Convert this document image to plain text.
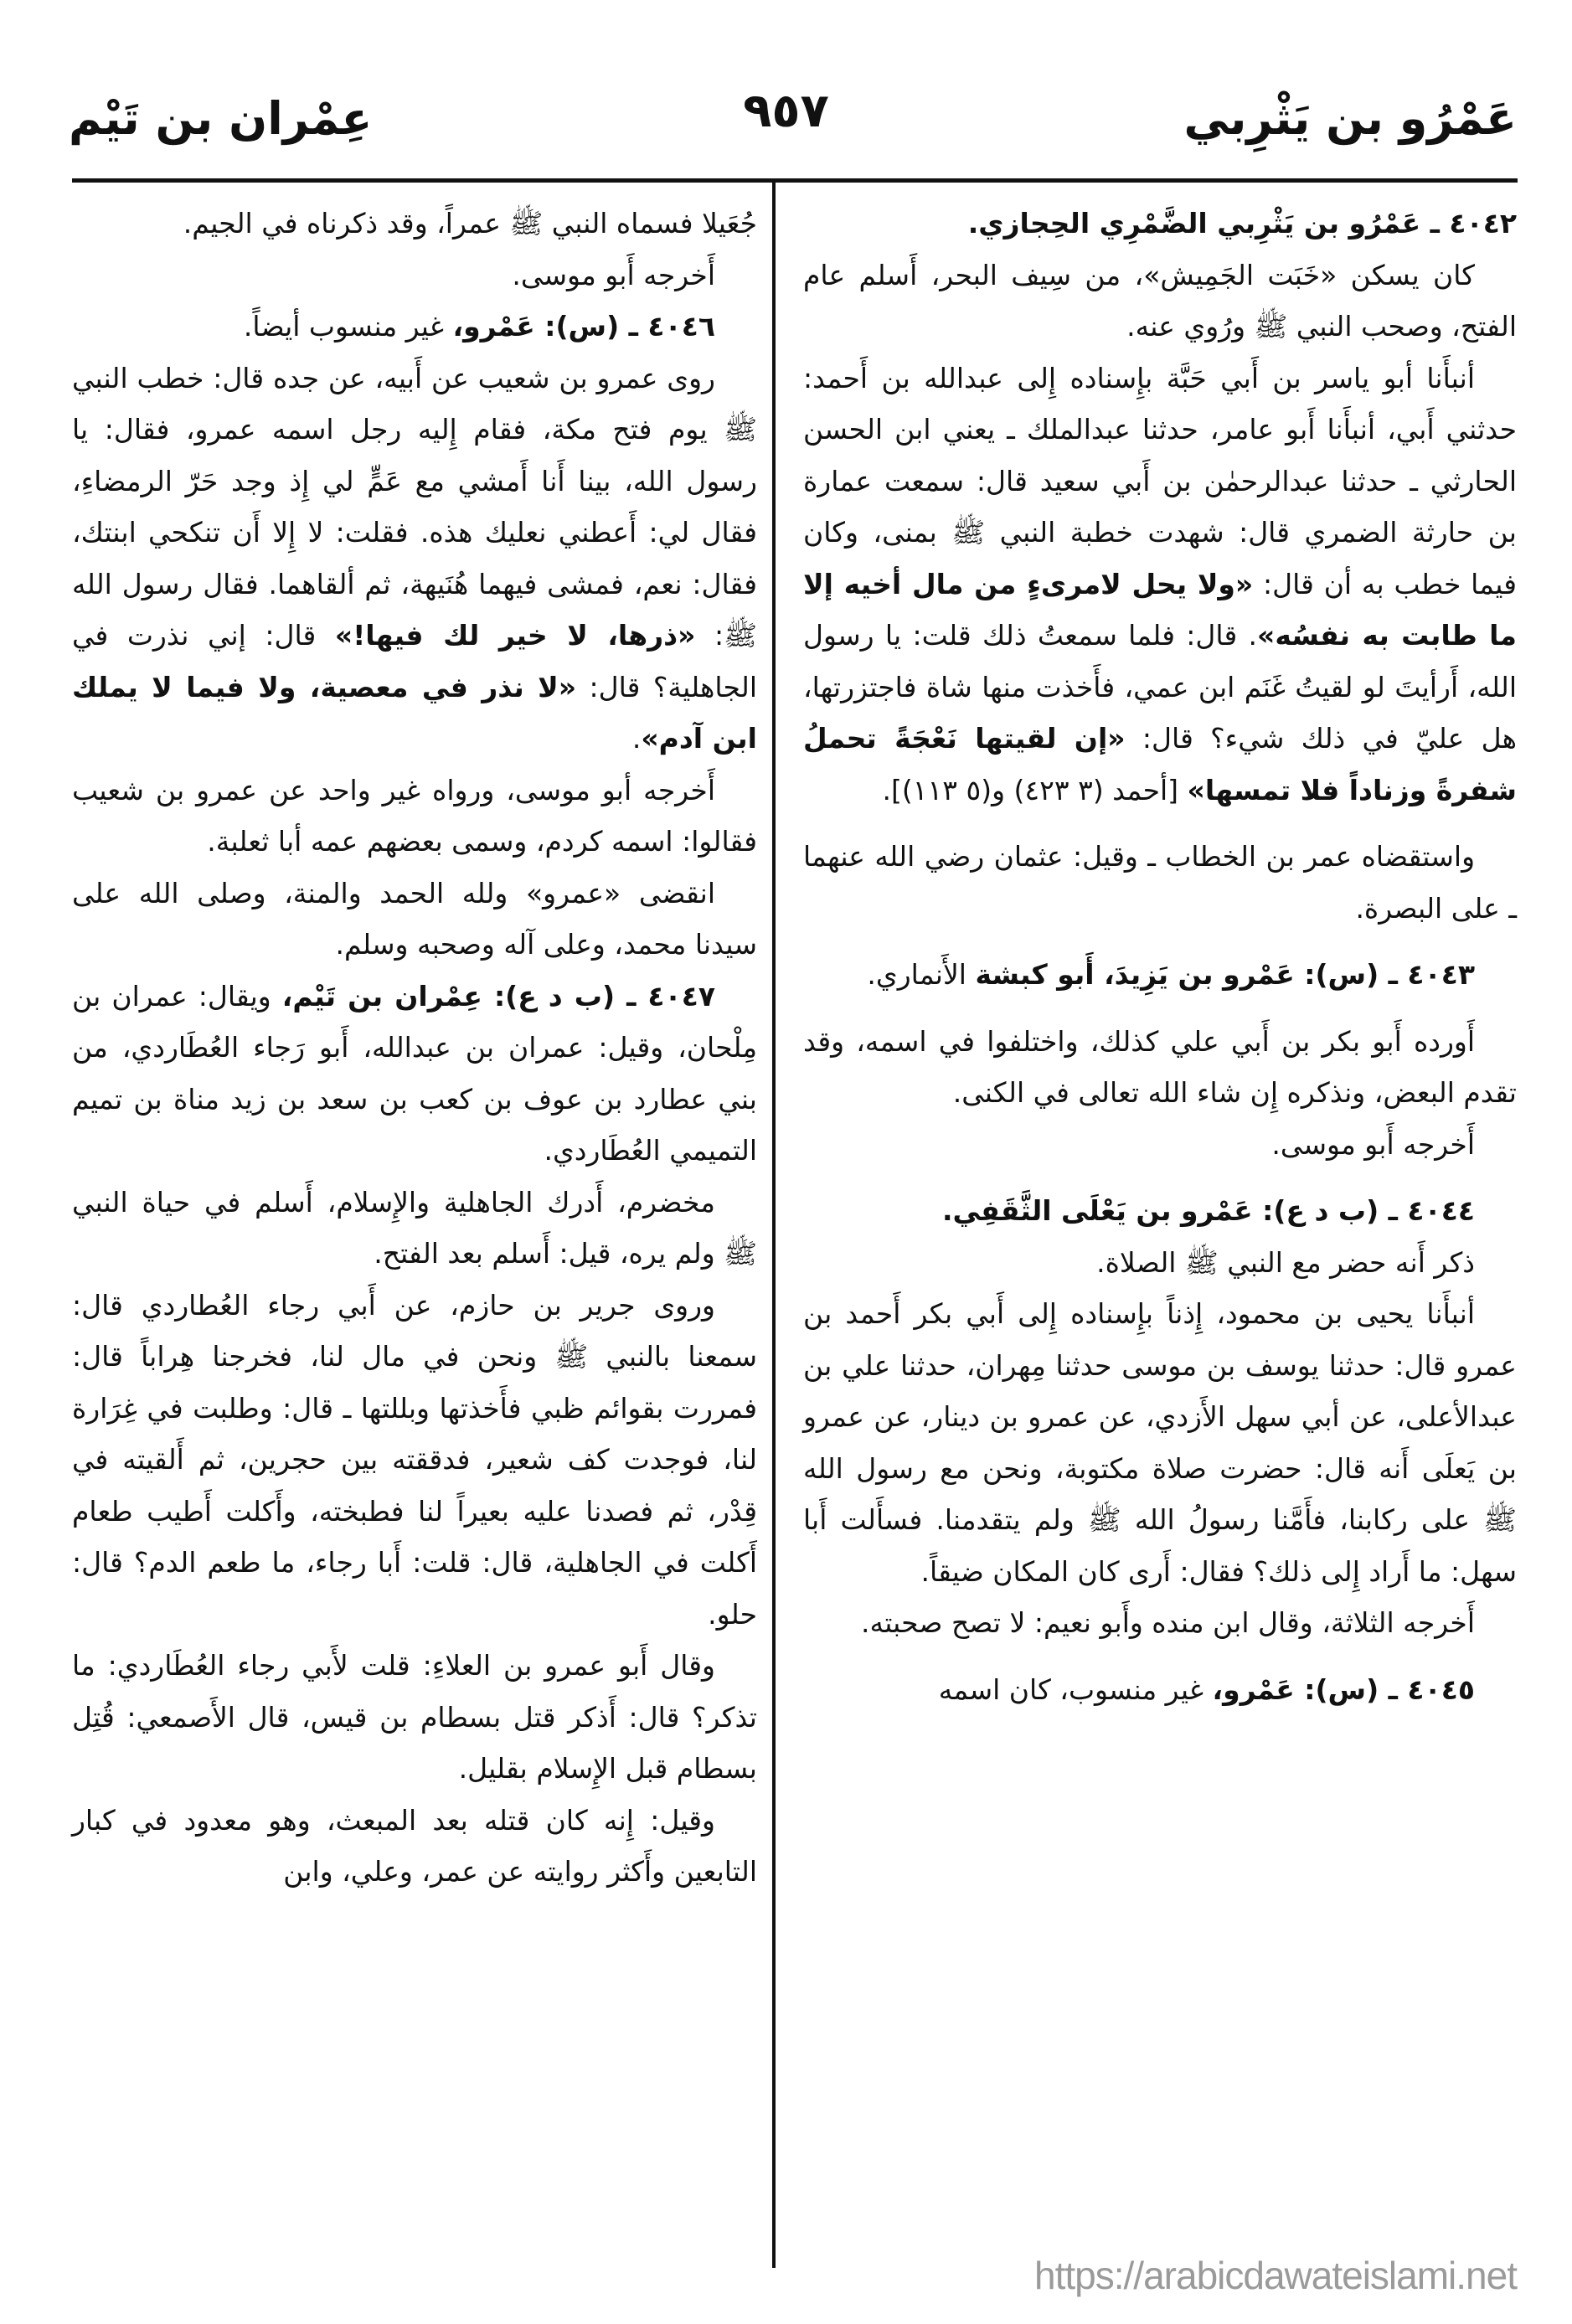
عَمْرُو بن يَثْرِبي
٩٥٧
عِمْران بن تَيْم

٤٠٤٢ ـ عَمْرُو بن يَثْرِبي الضَّمْرِي الحِجازي.

كان يسكن «خَبَت الجَمِيش»، من سِيف البحر، أَسلم عام الفتح، وصحب النبي ﷺ ورُوي عنه.

أنبأَنا أبو ياسر بن أَبي حَبَّة بإِسناده إِلى عبدالله بن أَحمد: حدثني أَبي، أنبأَنا أَبو عامر، حدثنا عبدالملك ـ يعني ابن الحسن الحارثي ـ حدثنا عبدالرحمٰن بن أَبي سعيد قال: سمعت عمارة بن حارثة الضمري قال: شهدت خطبة النبي ﷺ بمنى، وكان فيما خطب به أن قال: «ولا يحل لامرىءٍ من مال أخيه إلا ما طابت به نفسُه». قال: فلما سمعتُ ذلك قلت: يا رسول الله، أَرأيتَ لو لقيتُ غَنَم ابن عمي، فأَخذت منها شاة فاجتزرتها، هل عليّ في ذلك شيء؟ قال: «إن لقيتها نَعْجَةً تحملُ شفرةً وزناداً فلا تمسها» [أحمد (٣ ٤٢٣) و(٥ ١١٣)].

واستقضاه عمر بن الخطاب ـ وقيل: عثمان رضي الله عنهما ـ على البصرة.

٤٠٤٣ ـ (س): عَمْرو بن يَزِيدَ، أَبو كبشة الأَنماري.

أَورده أَبو بكر بن أَبي علي كذلك، واختلفوا في اسمه، وقد تقدم البعض، ونذكره إِن شاء الله تعالى في الكنى.

أَخرجه أَبو موسى.

٤٠٤٤ ـ (ب د ع): عَمْرو بن يَعْلَى الثَّقَفِي.

ذكر أَنه حضر مع النبي ﷺ الصلاة.

أنبأَنا يحيى بن محمود، إِذناً بإِسناده إِلى أَبي بكر أَحمد بن عمرو قال: حدثنا يوسف بن موسى حدثنا مِهران، حدثنا علي بن عبدالأعلى، عن أبي سهل الأَزدي، عن عمرو بن دينار، عن عمرو بن يَعلَى أَنه قال: حضرت صلاة مكتوبة، ونحن مع رسول الله ﷺ على ركابنا، فأَمَّنا رسولُ الله ﷺ ولم يتقدمنا. فسأَلت أَبا سهل: ما أَراد إِلى ذلك؟ فقال: أَرى كان المكان ضيقاً.

أَخرجه الثلاثة، وقال ابن منده وأَبو نعيم: لا تصح صحبته.

٤٠٤٥ ـ (س): عَمْرو، غير منسوب، كان اسمه

جُعَيلا فسماه النبي ﷺ عمراً، وقد ذكرناه في الجيم.

أَخرجه أَبو موسى.

٤٠٤٦ ـ (س): عَمْرو، غير منسوب أيضاً.

روى عمرو بن شعيب عن أَبيه، عن جده قال: خطب النبي ﷺ يوم فتح مكة، فقام إِليه رجل اسمه عمرو، فقال: يا رسول الله، بينا أَنا أَمشي مع عَمٍّ لي إِذ وجد حَرّ الرمضاءِ، فقال لي: أَعطني نعليك هذه. فقلت: لا إِلا أَن تنكحي ابنتك، فقال: نعم، فمشى فيهما هُنَيهة، ثم ألقاهما. فقال رسول الله ﷺ: «ذرها، لا خير لك فيها!» قال: إني نذرت في الجاهلية؟ قال: «لا نذر في معصية، ولا فيما لا يملك ابن آدم».

أَخرجه أبو موسى، ورواه غير واحد عن عمرو بن شعيب فقالوا: اسمه كردم، وسمى بعضهم عمه أبا ثعلبة.

انقضى «عمرو» ولله الحمد والمنة، وصلى الله على سيدنا محمد، وعلى آله وصحبه وسلم.

٤٠٤٧ ـ (ب د ع): عِمْران بن تَيْم، ويقال: عمران بن مِلْحان، وقيل: عمران بن عبدالله، أَبو رَجاء العُطَاردي، من بني عطارد بن عوف بن كعب بن سعد بن زيد مناة بن تميم التميمي العُطَاردي.

مخضرم، أَدرك الجاهلية والإِسلام، أَسلم في حياة النبي ﷺ ولم يره، قيل: أَسلم بعد الفتح.

وروى جرير بن حازم، عن أَبي رجاء العُطاردي قال: سمعنا بالنبي ﷺ ونحن في مال لنا، فخرجنا هِراباً قال: فمررت بقوائم ظبي فأَخذتها وبللتها ـ قال: وطلبت في غِرَارة لنا، فوجدت كف شعير، فدققته بين حجرين، ثم أَلقيته في قِدْر، ثم فصدنا عليه بعيراً لنا فطبخته، وأَكلت أَطيب طعام أَكلت في الجاهلية، قال: قلت: أَبا رجاء، ما طعم الدم؟ قال: حلو.

وقال أَبو عمرو بن العلاءِ: قلت لأَبي رجاء العُطَاردي: ما تذكر؟ قال: أَذكر قتل بسطام بن قيس، قال الأَصمعي: قُتِل بسطام قبل الإِسلام بقليل.

وقيل: إِنه كان قتله بعد المبعث، وهو معدود في كبار التابعين وأَكثر روايته عن عمر، وعلي، وابن

https://arabicdawateislami.net
